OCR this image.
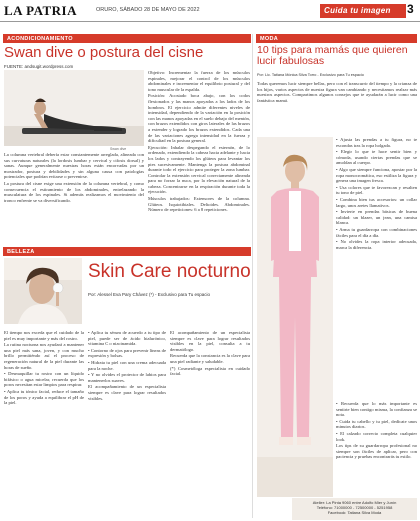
LA PATRIA	ORURO, SÁBADO 28 DE MAYO DE 2022	Cuida tu imagen	3
ACONDICIONAMIENTO
Swan dive o postura del cisne
FUENTE: andsugit.wordpress.com
Swan dive

La columna vertebral debería estar constantemente arreglada, alineada con sus curvaturas naturales (la lordosis lumbar y cervical y cifosis dorsal) y sanas. Aunque generalmente nuestras horas están encorvadas por un mostrador, postura y debilidades y sin alguna causa con patologías potenciales que podrían evitarse o prevenirse.

La postura del cisne exige una extensión de la columna vertebral, y como consecuencia el estiramiento de los abdominales, entrelazando la musculatura de los espinales. Si además realizamos el movimiento del tronco enfrente se va diversificando.

Objetivo: Incrementar la fuerza de los músculos espinales, mejorar el control de los músculos abdominales e incrementar el equilibrio postural y del tono muscular de la espalda.

Posición: Acostado boca abajo, con los codos flexionados y las manos apoyadas a los lados de los hombros. El ejercicio admite diferentes niveles de intensidad, dependiendo de la variación en la posición con las manos apoyadas en el suelo debajo del mentón, con brazos extendidos con giros laterales de las brazos a extender y logrado los brazos extendidos. Cada una de las variaciones agrega intensidad en la fuerza y dificultad en la postura general.

Ejecución: Inhalar despegando el esternón, de lo ordenado, extendiendo la cabeza hacia adelante y hacia los lados y contrayendo los glúteos para levantar los pies sucesivamente. Mantenga la postura abdominal durante todo el ejercicio para proteger la zona lumbar. Controlar la extensión cervical correctamente alineada para no forzar la nuca, por la elevación natural de la cabeza. Concentrarse en la respiración durante toda la ejecución.

Músculos trabajados: Extensores de la columna. Glúteos. Isquiotibiales. Deltoides. Abdominales. Número de repeticiones: 6 a 8 repeticiones.

BELLEZA
Skin Care nocturno
Por: Alessel Eva Pary Chávez (*) - Exclusivo para Tu espacio

El tiempo nos exceda que el cuidado de la piel es muy importante y más del rostro.

La rutina nocturna nos ayudará a mantener una piel más sana, joven, y con mucho brillo permitiéndo así el proceso de regeneración natural de la piel durante las horas de sueño.

• Desmaquillar tu rostro con un líquido bifásico o agua micelar, recuerda que los poros necesitan estar limpios para respirar.

• Aplica tu tónico facial, reduce el tamaño de los poros y ayuda a equilibrar el pH de la piel.

• Aplica tu sérum de acuerdo a tu tipo de piel, puede ser de ácido hialurónico, vitamina C o niacinamida.

• Contorno de ojos para prevenir líneas de expresión y bolsas.

• Hidrata tu piel con una crema adecuada para la noche.

• Y no olvides el protector de labios para mantenerlos suaves.

El acompañamiento de un especialista siempre es clave para lograr resultados visibles.

El acompañamiento de un especialista siempre es clave para lograr resultados visibles en la piel, consulta a tu dermatólogo.

Recuerda que la constancia es la clave para una piel radiante y saludable.

(*) Cosmetóloga especialista en cuidado facial.

MODA
10 tips para mamás que quieren lucir fabulosas
Por: Lic. Tatiana Mónica Silva Torro - Exclusivo para Tu espacio

Todas queremos lucir siempre bellas, pero con el transcurrir del tiempo y la crianza de los hijos, varios aspectos de nuestra figura van cambiando y necesitamos realzar más nuestros aspectos. Compartimos algunos consejos que te ayudarán a lucir como una fantástica mamá.

• Ajusta las prendas a tu figura, no te escondas tras la ropa holgada.

• Elegir lo que te hace sentir bien y cómoda, usando ciertas prendas que se amoldan al cuerpo.

• Algo que siempre funciona, apostar por la ropa monocromática, eso estiliza la figura y genera una imagen fresca.

• Usa colores que te favorezcan y resalten tu tono de piel.

• Combina bien tus accesorios: un collar largo, unos aretes llamativos.

• Invierte en prendas básicas de buena calidad: un blazer, un jean, una camisa blanca.

• Arma tu guardarropa con combinaciones fáciles para el día a día.

• No olvides la ropa interior adecuada, marca la diferencia.

• Recuerda que lo más importante es sentirte bien contigo misma, la confianza se nota.

• Cuida tu cabello y tu piel, dedícate unos minutos diarios.

• El calzado correcto completa cualquier look.

Los tips de su guardarropa profesional no siempre son fáciles de aplicar, pero con paciencia y pruebas encontrarás tu estilo.

Atelier: La Pinta 9060 entre Adolfo Mier y Junín
Teléfono: 71000000 - 72500000 - 5251958
Facebook: Tatiana Silva Moda
